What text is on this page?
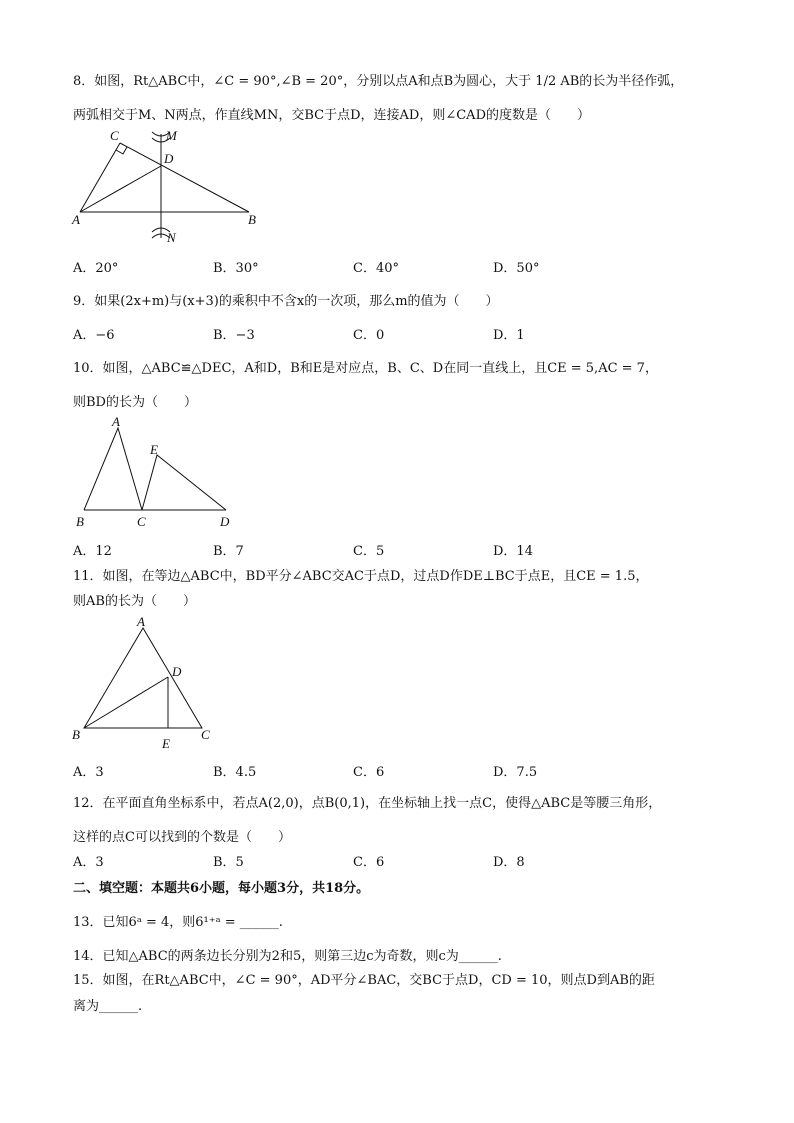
8．如图，Rt△ABC中，∠C = 90°,∠B = 20°，分别以点A和点B为圆心，大于 1/2 AB的长为半径作弧，
两弧相交于M、N两点，作直线MN，交BC于点D，连接AD，则∠CAD的度数是（　　）
C	M
D
A	B
N
A．20°	B．30°	C．40°	D．50°
9．如果(2x+m)与(x+3)的乘积中不含x的一次项，那么m的值为（　　）
A．−6	B．−3	C．0	D．1
10．如图，△ABC≌△DEC，A和D，B和E是对应点，B、C、D在同一直线上，且CE = 5,AC = 7，
则BD的长为（　　）
A
E
B	C	D
A．12	B．7	C．5	D．14
11．如图，在等边△ABC中，BD平分∠ABC交AC于点D，过点D作DE⊥BC于点E，且CE = 1.5，
则AB的长为（　　）
A
D
B
E
C
A．3	B．4.5	C．6	D．7.5
12．在平面直角坐标系中，若点A(2,0)，点B(0,1)，在坐标轴上找一点C，使得△ABC是等腰三角形，
这样的点C可以找到的个数是（　　）
A．3	B．5	C．6	D．8
二、填空题：本题共6小题，每小题3分，共18分。
13．已知6ᵃ = 4，则6¹⁺ᵃ = ______.
14．已知△ABC的两条边长分别为2和5，则第三边c为奇数，则c为______.
15．如图，在Rt△ABC中，∠C = 90°，AD平分∠BAC，交BC于点D，CD = 10，则点D到AB的距
离为______.
